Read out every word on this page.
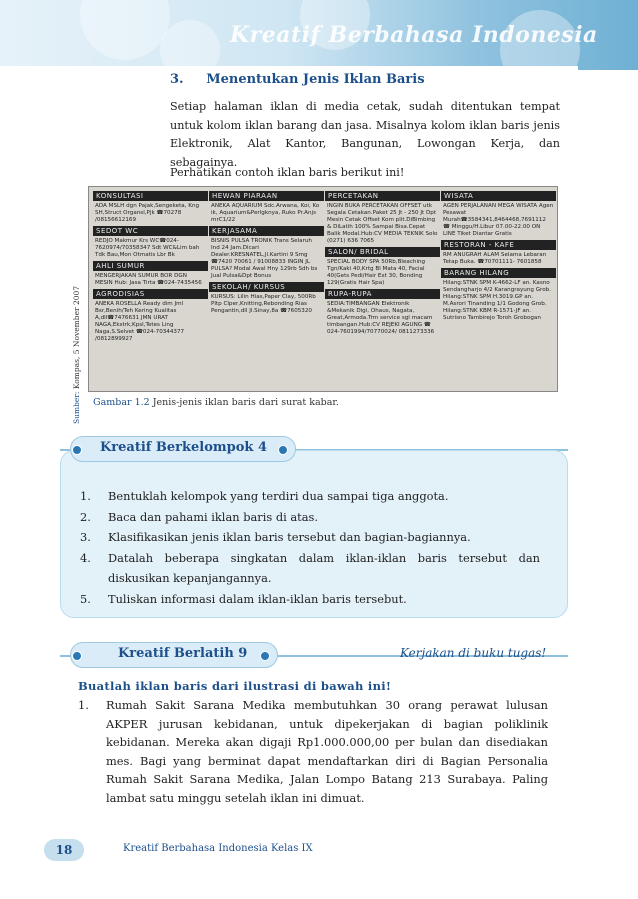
Kreatif Berbahasa Indonesia
3. Menentukan Jenis Iklan Baris
Setiap halaman iklan di media cetak, sudah ditentukan tempat untuk kolom iklan barang dan jasa. Misalnya kolom iklan baris jenis Elektronik, Alat Kantor, Bangunan, Lowongan Kerja, dan sebagainya.
Perhatikan contoh iklan baris berikut ini!
KONSULTASI
ADA MSLH dgn Pajak,Sengeketa, Kng SH,Struct Organsl,Pjk ☎70278 /08156612169
SEDOT WC
REDJO Makmur Krs WC☎024-7620974/70358347 Sdt WC&Lim bah Tdk Bau,Mon Otmatis Lbr Bk
AHLI SUMUR
MENGERJAKAN SUMUR BOR DGN MESIN Hub: Jasa Tirta ☎024-7435456
AGRODISIAS
ANEKA ROSELLA Ready dim Jml Bsr,Benih/Teh Kering Kualitas A,dll☎7476631 JMN URAT NAGA,Ekstrk,Kpsl,Tetes Ling Naga,S.Selvet ☎024-70344377 /0812899927
HEWAN PIARAAN
ANEKA AQUARIUM Sdc.Arwana, Koi, Ko ik, Aquarium&Perlgknya, Ruko Pr.Anjs mrC1/22
KERJASAMA
BISNIS PULSA TRONIK Trans Selaruh Ind 24 Jam.Dicari Dealer.KRESNATEL,Jl.Kartini 9 Smg ☎7420 70061 / 91008833 INGIN JL PULSA? Modal Awal Hny 129rb Sdh bs Jual Pulsa&Dpt Bonus
SEKOLAH/ KURSUS
KURSUS: Lilin Hias,Paper Clay, 500Rb Pltp Clper,Knitting,Rebonding Rias Pengantin,dll Jl.Sinay,8a ☎7605320
PERCETAKAN
INGIN BUKA PERCETAKAN OFFSET utk Segala Cetakan.Paket 25 Jt - 250 Jt Dpt Mesin Cetak Offset Kom plit.DiBimbing & DiLatih 100% Sampai Bisa.Cepat Balik Modal.Hub:CV MEDIA TEKNIK Solo (0271) 636 7065
SALON/ BRIDAL
SPECIAL BODY SPA 50Rb,Bleaching Tgn/Kaki 40,Krtg Bl Mata 40, Facial 40(Gets Pedi/Hair Ext 30, Bonding 129(Gratis Hair Spa)
RUPA-RUPA
SEDIA:TIMBANGAN Elektronik &Mekanik Digi, Ohaus, Nagata, Great,Armoda.Trm service sgl macam timbangan.Hub:CV REJEKI AGUNG ☎ 024-7601994/70770024/ 0811273336
WISATA
AGEN PERJALANAN MEGA WISATA Agen Pesawat Murah☎3584341,8464468,7691112 ☎ Minggu/H.Libur 07.00-22.00 ON LINE Tiket Diantar Gratis
RESTORAN - KAFE
RM ANUGRAH ALAM Selama Lebaran Tetap Buka. ☎70701111- 7601858
BARANG HILANG
Hilang:STNK SPM K-4662-LF an. Kasno Sendangharjo 4/2 Karangrayung Grob. Hilang:STNK SPM H.3019.GP an. M.Asrori Tinanding 1/1 Godong Grob. Hilang:STNK KBM R-1571-JF an. Sutrisno Tambirejo Toroh Grobogan
Sumber: Kompas, 5 November 2007
Gambar 1.2 Jenis-jenis iklan baris dari surat kabar.
Kreatif Berkelompok 4
1.	Bentuklah kelompok yang terdiri dua sampai tiga anggota.
2.	Baca dan pahami iklan baris di atas.
3.	Klasifikasikan jenis iklan baris tersebut dan bagian-bagiannya.
4.	Datalah beberapa singkatan dalam iklan-iklan baris tersebut dan diskusikan kepanjangannya.
5.	Tuliskan informasi dalam iklan-iklan baris tersebut.
Kreatif Berlatih 9	Kerjakan di buku tugas!
Buatlah iklan baris dari ilustrasi di bawah ini!
1.	Rumah Sakit Sarana Medika membutuhkan 30 orang perawat lulusan AKPER jurusan kebidanan, untuk dipekerjakan di bagian poliklinik kebidanan. Mereka akan digaji Rp1.000.000,00 per bulan dan disediakan mes. Bagi yang berminat dapat mendaftarkan diri di Bagian Personalia Rumah Sakit Sarana Medika, Jalan Lompo Batang 213 Surabaya. Paling lambat satu minggu setelah iklan ini dimuat.
18	Kreatif Berbahasa Indonesia Kelas IX
